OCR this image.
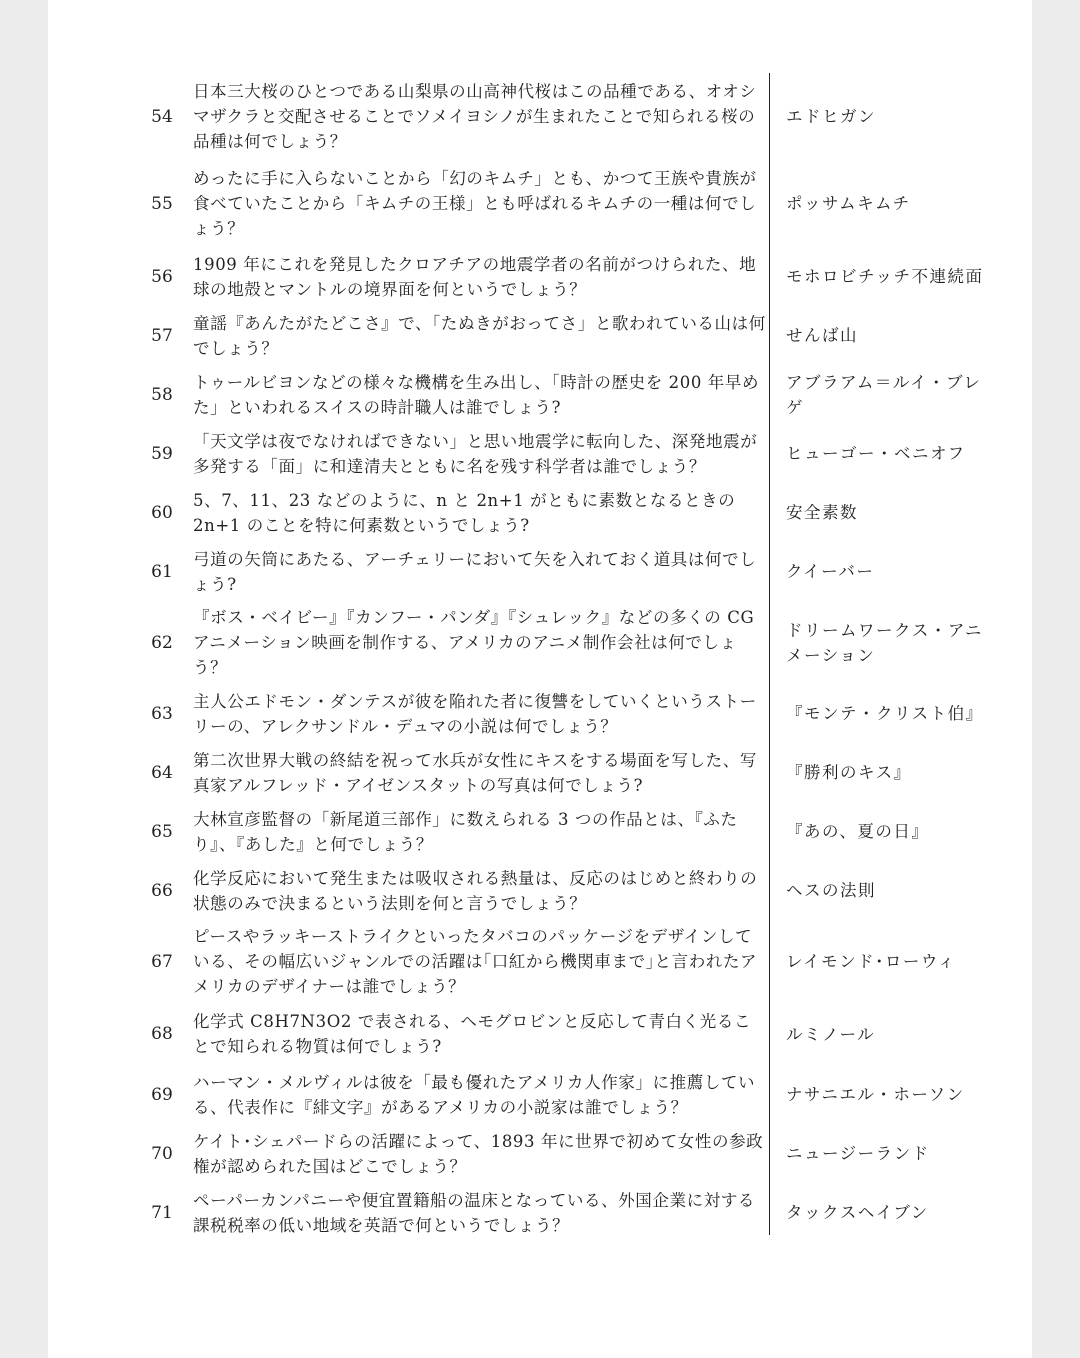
54
日本三大桜のひとつである山梨県の山高神代桜はこの品種である、オオシマザクラと交配させることでソメイヨシノが生まれたことで知られる桜の品種は何でしょう？
エドヒガン
55
めったに手に入らないことから「幻のキムチ」とも、かつて王族や貴族が食べていたことから「キムチの王様」とも呼ばれるキムチの一種は何でしょう？
ポッサムキムチ
56
1909 年にこれを発見したクロアチアの地震学者の名前がつけられた、地球の地殻とマントルの境界面を何というでしょう？
モホロビチッチ不連続面
57
童謡『あんたがたどこさ』で、「たぬきがおってさ」と歌われている山は何でしょう？
せんば山
58
トゥールビヨンなどの様々な機構を生み出し、「時計の歴史を 200 年早めた」といわれるスイスの時計職人は誰でしょう?
アブラアム＝ルイ・ブレゲ
59
「天文学は夜でなければできない」と思い地震学に転向した、深発地震が多発する「面」に和達清夫とともに名を残す科学者は誰でしょう？
ヒューゴー・ベニオフ
60
5、7、11、23 などのように、n と 2n+1 がともに素数となるときの 2n+1 のことを特に何素数というでしょう?
安全素数
61
弓道の矢筒にあたる、アーチェリーにおいて矢を入れておく道具は何でしょう?
クイーバー
62
『ボス・ベイビー』『カンフー・パンダ』『シュレック』などの多くの CG アニメーション映画を制作する、アメリカのアニメ制作会社は何でしょう？
ドリームワークス・アニメーション
63
主人公エドモン・ダンテスが彼を陥れた者に復讐をしていくというストーリーの、アレクサンドル・デュマの小説は何でしょう？
『モンテ・クリスト伯』
64
第二次世界大戦の終結を祝って水兵が女性にキスをする場面を写した、写真家アルフレッド・アイゼンスタットの写真は何でしょう?
『勝利のキス』
65
大林宣彦監督の「新尾道三部作」に数えられる 3 つの作品とは、『ふたり』、『あした』と何でしょう？
『あの、夏の日』
66
化学反応において発生または吸収される熱量は、反応のはじめと終わりの状態のみで決まるという法則を何と言うでしょう？
ヘスの法則
67
ピースやラッキーストライクといったタバコのパッケージをデザインしている、その幅広いジャンルでの活躍は｢口紅から機関車まで｣と言われたアメリカのデザイナーは誰でしょう？
レイモンド･ローウィ
68
化学式 C8H7N3O2 で表される、ヘモグロビンと反応して青白く光ることで知られる物質は何でしょう?
ルミノール
69
ハーマン・メルヴィルは彼を「最も優れたアメリカ人作家」に推薦している、代表作に『緋文字』があるアメリカの小説家は誰でしょう？
ナサニエル・ホーソン
70
ケイト･シェパードらの活躍によって、1893 年に世界で初めて女性の参政権が認められた国はどこでしょう？
ニュージーランド
71
ペーパーカンパニーや便宜置籍船の温床となっている、外国企業に対する課税税率の低い地域を英語で何というでしょう？
タックスヘイブン
